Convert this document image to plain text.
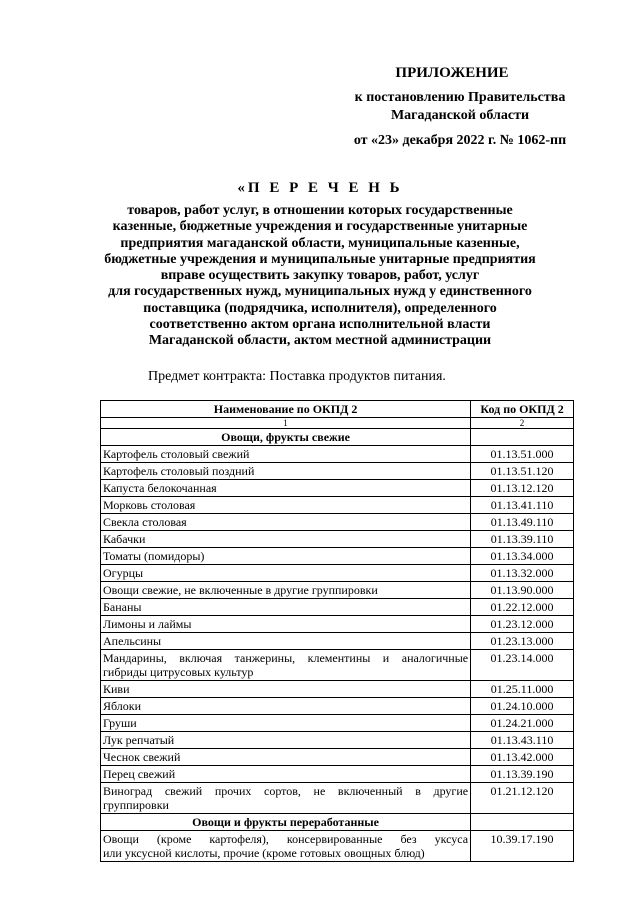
ПРИЛОЖЕНИЕ
к постановлению Правительства
Магаданской области
от «23» декабря 2022 г. № 1062-пп
«П Е Р Е Ч Е Н Ь
товаров, работ услуг, в отношении которых государственные
казенные, бюджетные учреждения и государственные унитарные
предприятия магаданской области, муниципальные казенные,
бюджетные учреждения и муниципальные унитарные предприятия
вправе осуществить закупку товаров, работ, услуг
для государственных нужд, муниципальных нужд у единственного
поставщика (подрядчика, исполнителя), определенного
соответственно актом органа исполнительной власти
Магаданской области, актом местной администрации
Предмет контракта: Поставка продуктов питания.
Наименование по ОКПД 2	Код по ОКПД 2
1	2
Овощи, фрукты свежие	
Картофель столовый свежий	01.13.51.000
Картофель столовый поздний	01.13.51.120
Капуста белокочанная	01.13.12.120
Морковь столовая	01.13.41.110
Свекла столовая	01.13.49.110
Кабачки	01.13.39.110
Томаты (помидоры)	01.13.34.000
Огурцы	01.13.32.000
Овощи свежие, не включенные в другие группировки	01.13.90.000
Бананы	01.22.12.000
Лимоны и лаймы	01.23.12.000
Апельсины	01.23.13.000

Мандарины, включая танжерины, клементины и аналогичные
гибриды цитрусовых культур	01.23.14.000
Киви	01.25.11.000
Яблоки	01.24.10.000
Груши	01.24.21.000
Лук репчатый	01.13.43.110
Чеснок свежий	01.13.42.000
Перец свежий	01.13.39.190

Виноград свежий прочих сортов, не включенный в другие
группировки	01.21.12.120
Овощи и фрукты переработанные	

Овощи (кроме картофеля), консервированные без уксуса
или уксусной кислоты, прочие (кроме готовых овощных блюд)	10.39.17.190
